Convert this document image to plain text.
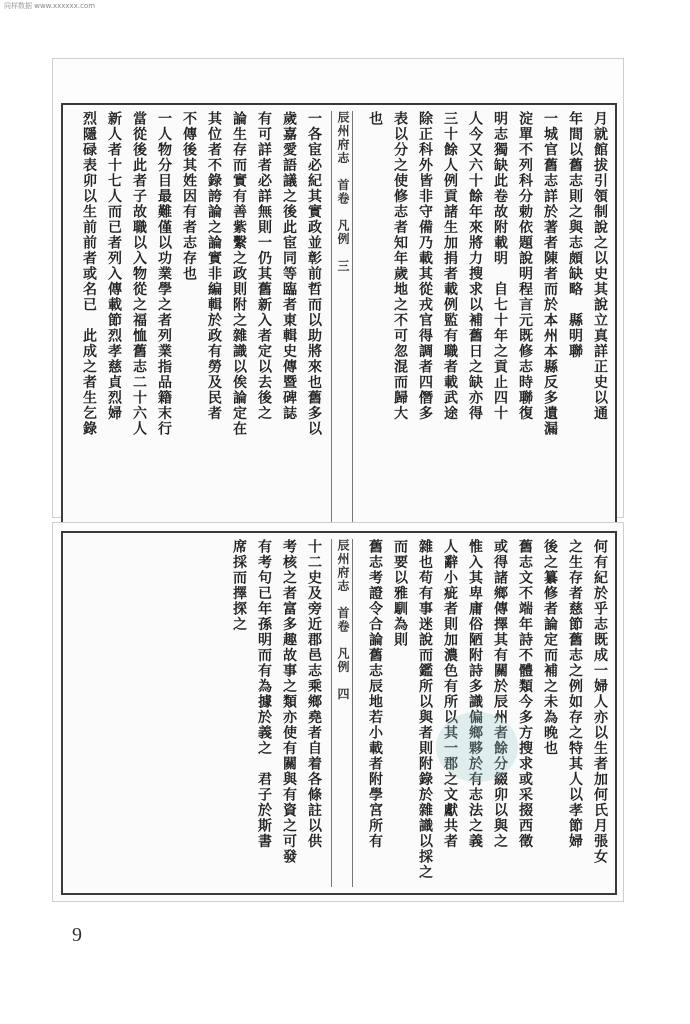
同样数据 www.xxxxxx.com
月就館拔引領制說之以史其說立真詳正史以通
年間以舊志則之與志頗缺略　縣明聯
一城官舊志詳於著者陳者而於本州本縣反多遺漏
淀單不列科分勅依題說明程言元既修志時聯復
明志獨缺此卷故附載明　自七十年之貢止四十
人今又六十餘年來將力搜求以補舊日之缺亦得
三十餘人例貢諸生加捐者載例監有職者載武途
除正科外皆非守備乃載其從戎官得調者四僭多
表以分之使修志者知年歲地之不可忽混而歸大
也
辰州府志　首卷　凡例　三
一各宦必紀其實政並彰前哲而以助將來也舊多以
歲嘉愛語議之後此宦同等臨者東輯史傳暨碑誌
有可詳者必詳無則一仍其舊新入者定以去後之
論生存而實有善紫繫之政則附之雜識以俟論定在
其位者不錄誇論之論實非編輯於政有勞及民者
不傳後其姓因有者志存也
一人物分目最難僅以功業學之者列業指品籍末行
當從後此者子故職以入物從之福恤舊志二十六人
新人者十七人而已者列入傳載節烈孝慈貞烈婦
烈隱碌表卯以生前前者或名已　此成之者生乞錄
何有紀於乎志既成一婦人亦以生者加何氏月張女
之生存者慈節舊志之例如存之特其人以孝節婦
後之纂修者論定而補之未為晚也
舊志文不端年詩不體類今多方搜求或采掇西徵
或得諸鄉傳擇其有關於辰州者餘分綴卯以與之
惟入其卑庸俗陋附詩多識偏鄉夥於有志法之義
人辭小疵者則加濃色有所以其一郡之文獻共者
雜也苟有事迷說而鑑所以與者則附錄於雜識以採之
而要以雅馴為則
舊志考證令合論舊志辰地若小載者附學宮所有
辰州府志　首卷　凡例　四
十二史及旁近郡邑志乘鄉堯者自着各條註以供
考核之者富多趣故事之類亦使有關與有資之可發
有考句已年孫明而有為據於義之　君子於斯書
席採而擇探之
9
